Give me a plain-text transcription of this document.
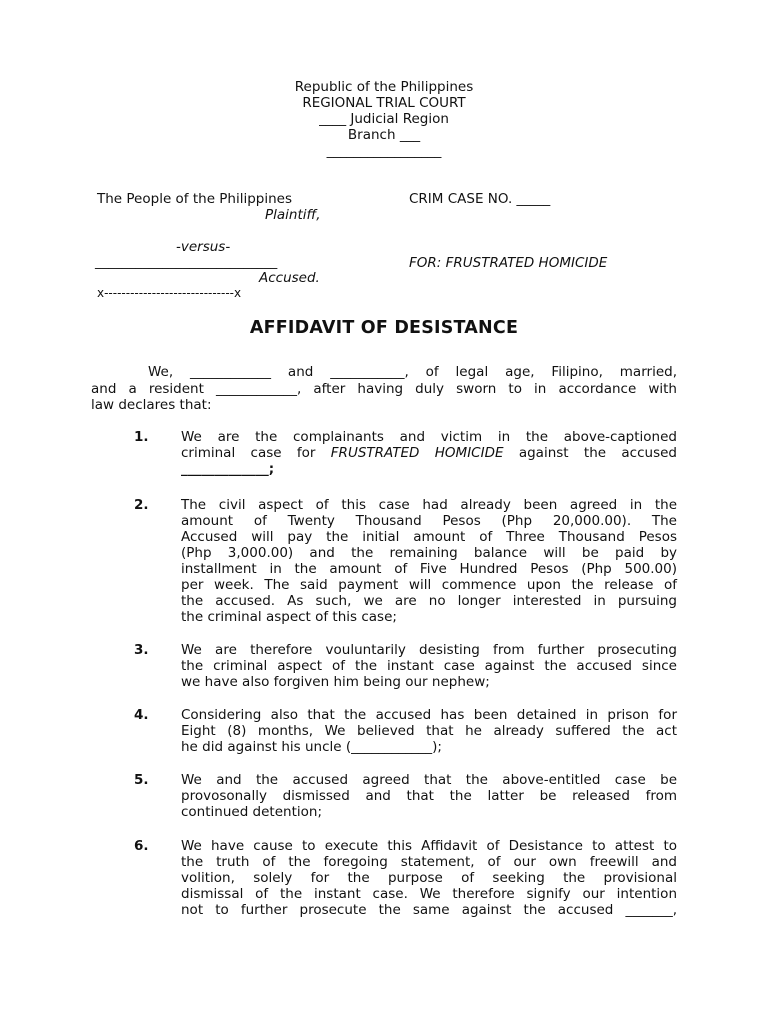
Republic of the Philippines
REGIONAL TRIAL COURT
____ Judicial Region
Branch ___
_________________
The People of the Philippines
Plaintiff,
CRIM CASE NO. _____
-versus-
___________________________
Accused.
FOR: FRUSTRATED HOMICIDE
x------------------------------x
AFFIDAVIT OF DESISTANCE
We, ____________ and ___________, of legal age, Filipino, married,
and a resident ____________, after having duly sworn to in accordance with
law declares that:
1. We are the complainants and victim in the above-captioned
criminal case for FRUSTRATED HOMICIDE against the accused
_____________;
2. The civil aspect of this case had already been agreed in the
amount of Twenty Thousand Pesos (Php 20,000.00). The
Accused will pay the initial amount of Three Thousand Pesos
(Php 3,000.00) and the remaining balance will be paid by
installment in the amount of Five Hundred Pesos (Php 500.00)
per week. The said payment will commence upon the release of
the accused. As such, we are no longer interested in pursuing
the criminal aspect of this case;
3. We are therefore vouluntarily desisting from further prosecuting
the criminal aspect of the instant case against the accused since
we have also forgiven him being our nephew;
4. Considering also that the accused has been detained in prison for
Eight (8) months, We believed that he already suffered the act
he did against his uncle (____________);
5. We and the accused agreed that the above-entitled case be
provosonally dismissed and that the latter be released from
continued detention;
6. We have cause to execute this Affidavit of Desistance to attest to
the truth of the foregoing statement, of our own freewill and
volition, solely for the purpose of seeking the provisional
dismissal of the instant case. We therefore signify our intention
not to further prosecute the same against the accused _______,
